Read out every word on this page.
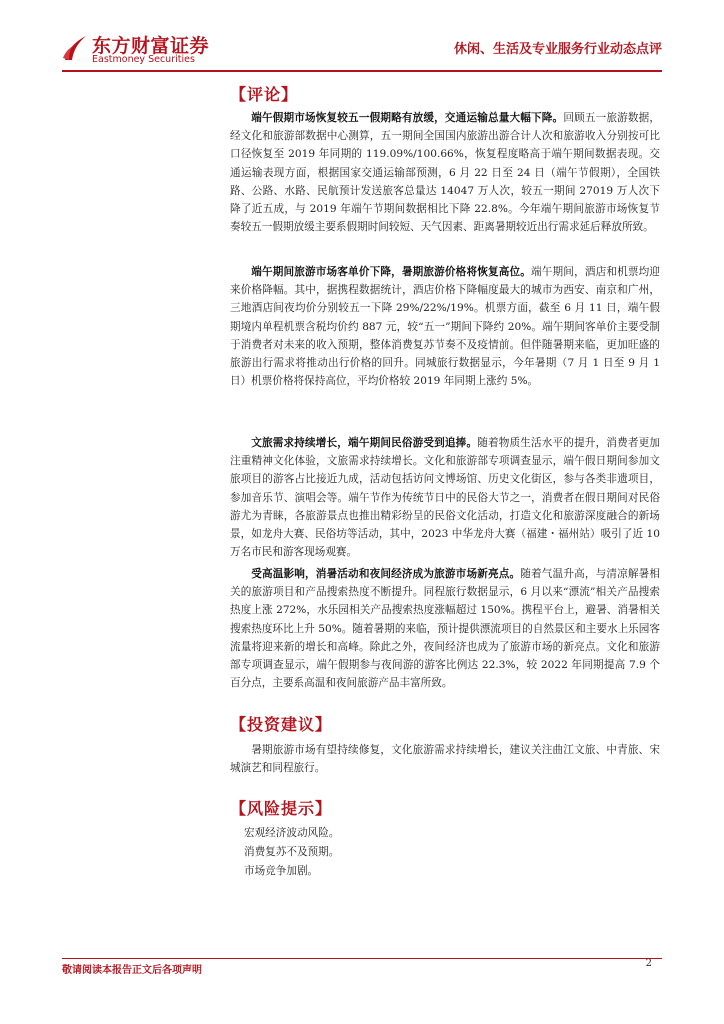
东方财富证券
Eastmoney Securities
休闲、生活及专业服务行业动态点评
【评论】

端午假期市场恢复较五一假期略有放缓，交通运输总量大幅下降。回顾五一旅游数据，经文化和旅游部数据中心测算，五一期间全国国内旅游出游合计人次和旅游收入分别按可比口径恢复至 2019 年同期的 119.09%/100.66%，恢复程度略高于端午期间数据表现。交通运输表现方面，根据国家交通运输部预测，6 月 22 日至 24 日（端午节假期），全国铁路、公路、水路、民航预计发送旅客总量达 14047 万人次，较五一期间 27019 万人次下降了近五成，与 2019 年端午节期间数据相比下降 22.8%。今年端午期间旅游市场恢复节奏较五一假期放缓主要系假期时间较短、天气因素、距离暑期较近出行需求延后释放所致。

端午期间旅游市场客单价下降，暑期旅游价格将恢复高位。端午期间，酒店和机票均迎来价格降幅。其中，据携程数据统计，酒店价格下降幅度最大的城市为西安、南京和广州，三地酒店间夜均价分别较五一下降 29%/22%/19%。机票方面，截至 6 月 11 日，端午假期境内单程机票含税均价约 887 元，较“五一”期间下降约 20%。端午期间客单价主要受制于消费者对未来的收入预期，整体消费复苏节奏不及疫情前。但伴随暑期来临，更加旺盛的旅游出行需求将推动出行价格的回升。同城旅行数据显示，今年暑期（7 月 1 日至 9 月 1 日）机票价格将保持高位，平均价格较 2019 年同期上涨约 5%。

文旅需求持续增长，端午期间民俗游受到追捧。随着物质生活水平的提升，消费者更加注重精神文化体验，文旅需求持续增长。文化和旅游部专项调查显示，端午假日期间参加文旅项目的游客占比接近九成，活动包括访问文博场馆、历史文化街区，参与各类非遗项目，参加音乐节、演唱会等。端午节作为传统节日中的民俗大节之一，消费者在假日期间对民俗游尤为青睐，各旅游景点也推出精彩纷呈的民俗文化活动，打造文化和旅游深度融合的新场景，如龙舟大赛、民俗坊等活动，其中，2023 中华龙舟大赛（福建・福州站）吸引了近 10 万名市民和游客现场观赛。

受高温影响，消暑活动和夜间经济成为旅游市场新亮点。随着气温升高，与清凉解暑相关的旅游项目和产品搜索热度不断提升。同程旅行数据显示，6 月以来“漂流”相关产品搜索热度上涨 272%，水乐园相关产品搜索热度涨幅超过 150%。携程平台上，避暑、消暑相关搜索热度环比上升 50%。随着暑期的来临，预计提供漂流项目的自然景区和主要水上乐园客流量将迎来新的增长和高峰。除此之外，夜间经济也成为了旅游市场的新亮点。文化和旅游部专项调查显示，端午假期参与夜间游的游客比例达 22.3%，较 2022 年同期提高 7.9 个百分点，主要系高温和夜间旅游产品丰富所致。

【投资建议】

暑期旅游市场有望持续修复，文化旅游需求持续增长，建议关注曲江文旅、中青旅、宋城演艺和同程旅行。

【风险提示】

宏观经济波动风险。

消费复苏不及预期。

市场竞争加剧。

敬请阅读本报告正文后各项声明
2
